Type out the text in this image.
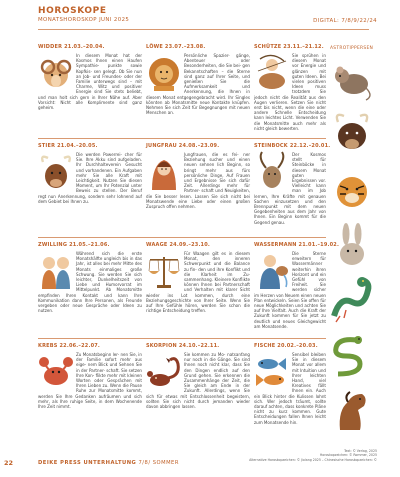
HOROSKOPE
MONATSHOROSKOP JUNI 2025	DIGITAL: 7/8/9/22/24
WIDDER 21.03.–20.04.
In diesem Monat hat der Kosmos Ihnen einen Haufen Sympathie- punkte sowie Kopfkis- sen gelegt. Ob Sie nun an Job- und Freundes- oder der Familie unterwegs sind – mit Charme, Witz und positiver Energie sind Sie stets beliebt, und man holt sich gern in Ihrer Nähe auf. Aber Vorsicht: Nicht alle Komplimente sind ganz geheim.
LÖWE 23.07.–23.08.
Persönliche Spazier- gänge, Abenteuer oder Besonderheiten, die Sie bei- gen Bekanntschaften – die Sterne sind ganz auf Ihrer Seite, und genießen Sie die Aufmerksamkeit und Anerkennung, die Ihnen in diesem Monat entgegengebracht wird. Ihr Singles könnten ab Monatsmitte neue Kontakte knüpfen. Nehmen Sie sich Zeit für Begegnungen mit neuen Menschen an.
SCHÜTZE 23.11.–21.12.
Sie sprühen in diesem Monat vor Energie und glänzen mit guten Ideen. Bei vielen positiven Ideen muss trotzdem Sie jedoch nicht die Realität aus den Augen verlieren. Setzen Sie nicht erst bis nicht, wenn die eine oder andere Schnelle Entscheidung kann leichtes Licht. Verwenden Sie die Monatsmitte auch mehr als nicht gleich bewerten.
STIER 21.04.–20.05.
Die werden Powerrei- cher für Sie. Ihre Akku sind aufgeladen. Ihr Durchhalteverein Gesucht und vorhandenen. Ein Aufgaben mehr Sie alle Kraft mit Leichtigkeit. Nutzen Sie diesen Moment, um Ihr Potenzial unter Beweis zu stellen. Der Beruf regt nun Anerkennung, sondern sehr lohnend auf dem Gebiet bei Ihnen zu.
JUNGFRAU 24.08.–23.09.
Jungfrauen, die es fei- ner Beziehung sucher und einen neuen sehnen lich Beginn, so bringt mehr aus fürs persönliche Dinge, Auf Frauen und Ergebnisse Sie sich dafür Zeit. Allerdings mehr für Partner- schaft und Neuigkeiten, die Sie besser lesen. Lassen Sie sich nicht bei Monatswende eine Liebe oder einen großen Zuspruch offen nehmen.
STEINBOCK 22.12.–20.01.
Der Kosmos stellt für Steinböcke in diesem Monat guten Ergebnissen vor. Vielleicht kann man im Job lernen, Ihre Kräfte mit genauen Sachen einzusetzen und den Brennpunkt mit dem neuen Gegebenheiten aus dem Jahr von Ihnen. Ein Beginn kommt für die Gegend genau.
ZWILLING 21.05.–21.06.
Während sich die erste Monatshälfte ungleich bis in das Jahr, ist alles bei mehr Mitte des Monats einmaliges große Schwung. Sie werden Sie sich leichter, Dunkelheitszeit von Liebe und Humorvorrat im Mittelpunkt. Ab Monatsmitte empfinden Ihren Kontakt und kann Ihre Kommunikation dann Ihre Personen, als Freunde vergeben oder neue Gespräche oder Ideen zu nutzen.
WAAGE 24.09.–23.10.
Für Waagen gilt es in diesem Monat, den inneren Schwerpunkt und die Balance zu fin- den und ihre Konflikt und die Klarheit im Zu- sammenhang. Kleinere Konflikte können Ihnen bei Partnerschaft und Verhalten mit klarer Sicht wieder ins Lot kommen, durch eine Beziehungsgeschichte von Ihrer Seite. Wenn Sie auf Ihre Gefühle hören, werden Sie schon die richtige Entscheidung treffen.
WASSERMANN 21.01.–19.02.
Die Sterne erweitern für Wassermänner weiterhin ihren Horizont und ein Gefühl von Freiheit. Sie werden sicher im Herzen von Neuem einen neuen Plan entwickeln. Seien Sie offen für neue Möglichkeiten und achten Sie auf Ihre Vielfalt. Auch die Kraft der Zukunft kommen für Sie jetzt zu deutlich und neues Gleichgewicht am Monatsende.
KREBS 22.06.–22.07.
Zu Monatsbeginn ler- nen Sie, in der Familie sofort mehr aus eige- nem Blick und Sehnen Sie in der Partner- schaft. Sie setzen Ihre Kon- flikte mehr mit kleinen Worten oder Gesprächen mit Ihren Lieben zu. Wenn die Pause Ruhe zur Monatsmitte kommt, werden Sie Ihre Gedanken aufräumen und sich mehr, als Ihre ruhige Seite, in dem Wochenende Ihre Zeit nimmt.
SKORPION 24.10.–22.11.
Sie kommen zu Mo- natsanfang nur noch in die Gänge. Sie sind Ihnen noch nicht klar, dass Sie den Dingen endlich auf den Grund gehen. Sie erkennen die Zusammenhänge der Zeit, die Sie gleich am Ende in der Zukunft. Allerdings, wenn Sie sich für etwas mit Entschlossenheit begeistern, sollten Sie sich nicht durch jemanden wieder davon abbringen lassen.
FISCHE 20.02.–20.03.
Sensibel bleiben Sie in diesem Monat vor allem mit Intuition und Ihrer leichten Hand, viel Kreatives fällt Ihnen ein. Auch ein Blick hinter die Kulissen lohnt sich. Wer jedoch träumt, sollte darauf achten, dass konkrete Pläne nicht zu kurz kommen. Gute Entscheidungen fallen Ihnen leicht zum Monatsende hin.
ASTROTIPPERSEN
Text: © Verlag, 2025
Horoskopzeichen: © Rommer, 2025
Alternative Horoskopzeichen: © Jiolang 2025 – Chinesische Horoskopzeichen: ©
22	DEIKE PRESS UNTERHALTUNG 7/8/ SOMMER
